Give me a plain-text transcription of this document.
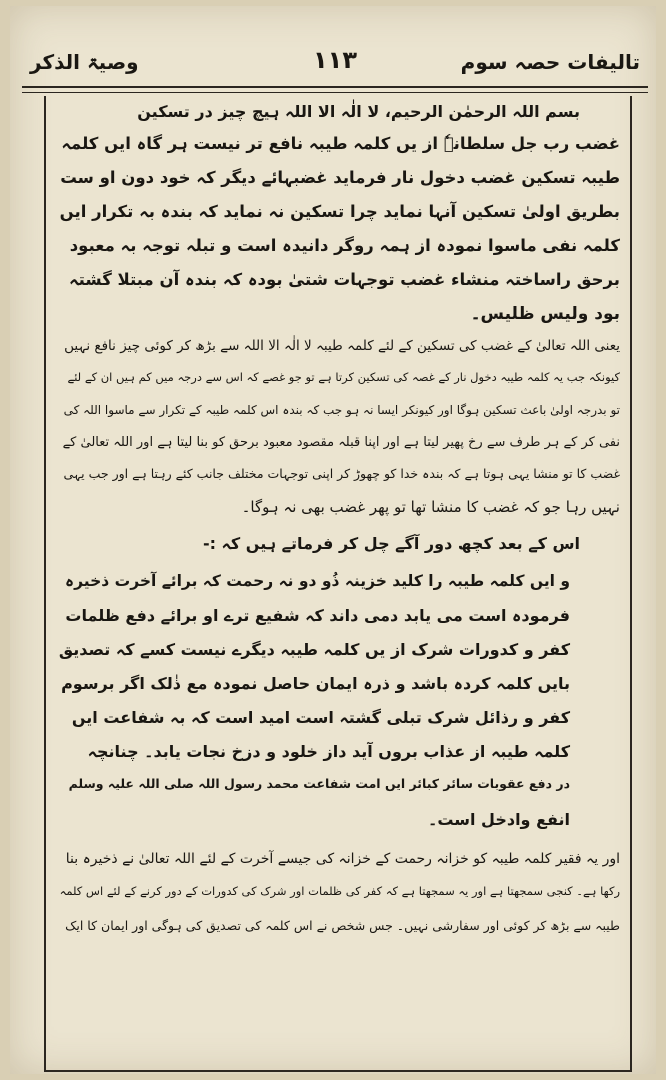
تالیفات حصہ سوم
۱۱۳
وصیۃ الذکر
بسم اللہ الرحمٰن الرحیم، لا الٰہ الا اللہ ہیچ چیز در تسکین
غضب رب جل سلطانہٗ از یں کلمہ طیبہ نافع تر نیست ہر گاہ ایں کلمہ
طیبہ تسکین غضب دخول نار فرماید غضبہائے دیگر کہ خود دون او ست
بطریق اولیٰ تسکین آنہا نماید چرا تسکین نہ نماید کہ بندہ بہ تکرار ایں
کلمہ نفی ماسوا نمودہ از ہمہ روگر دانیدہ است و تبلہ توجہ بہ معبود
برحق راساختہ منشاء غضب توجہات شتیٰ بودہ کہ بندہ آن مبتلا گشتہ
بود ولیس ظلیس۔
یعنی اللہ تعالیٰ کے غضب کی تسکین کے لئے کلمہ طیبہ لا الٰہ الا اللہ سے بڑھ کر کوئی چیز نافع نہیں
کیونکہ جب یہ کلمہ طیبہ دخول نار کے غصہ کی تسکین کرتا ہے تو جو غصے کہ اس سے درجہ میں کم ہیں ان کے لئے
تو بدرجہ اولیٰ باعث تسکین ہوگا اور کیونکر ایسا نہ ہو جب کہ بندہ اس کلمہ طیبہ کے تکرار سے ماسوا اللہ کی
نفی کر کے ہر طرف سے رخ پھیر لیتا ہے اور اپنا قبلہ مقصود معبود برحق کو بنا لیتا ہے اور اللہ تعالیٰ کے
غضب کا تو منشا یہی ہوتا ہے کہ بندہ خدا کو چھوڑ کر اپنی توجہات مختلف جانب کئے رہتا ہے اور جب یہی
نہیں رہا جو کہ غضب کا منشا تھا تو پھر غضب بھی نہ ہوگا۔
اس کے بعد کچھ دور آگے چل کر فرماتے ہیں کہ :-
و ایں کلمہ طیبہ را کلید خزینہ ذُو دو نہ رحمت کہ برائے آخرت ذخیرہ
فرمودہ است می یابد دمی داند کہ شفیع ترے او برائے دفع ظلمات
کفر و کدورات شرک از یں کلمہ طیبہ دیگرے نیست کسے کہ تصدیق
بایں کلمہ کردہ باشد و ذرہ ایمان حاصل نمودہ مع ذٰلک اگر برسوم
کفر و رذائل شرک تبلی گشتہ است امید است کہ بہ شفاعت ایں
کلمہ طیبہ از عذاب بروں آید داز خلود و دزخ نجات یابد۔ چنانچہ
در دفع عقوبات سائر کبائر ایں امت شفاعت محمد رسول اللہ صلی اللہ علیہ وسلم
انفع وادخل است۔
اور یہ فقیر کلمہ طیبہ کو خزانہ رحمت کے خزانہ کی جیسے آخرت کے لئے اللہ تعالیٰ نے ذخیرہ بنا
رکھا ہے۔ کنجی سمجھتا ہے اور یہ سمجھتا ہے کہ کفر کی ظلمات اور شرک کی کدورات کے دور کرنے کے لئے اس کلمہ
طیبہ سے بڑھ کر کوئی اور سفارشی نہیں۔ جس شخص نے اس کلمہ کی تصدیق کی ہوگی اور ایمان کا ایک
